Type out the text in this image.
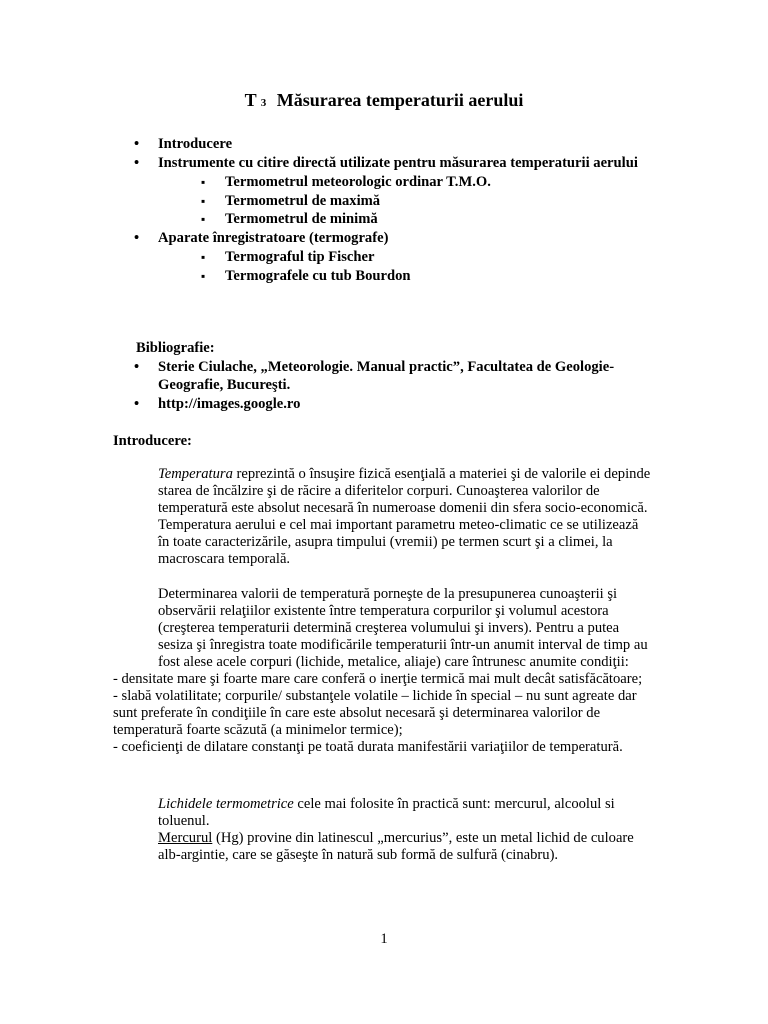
T 3 Măsurarea temperaturii aerului
• Introducere
• Instrumente cu citire directă utilizate pentru măsurarea temperaturii aerului
▪ Termometrul meteorologic ordinar T.M.O.
▪ Termometrul de maximă
▪ Termometrul de minimă
• Aparate înregistratoare (termografe)
▪ Termograful tip Fischer
▪ Termografele cu tub Bourdon
Bibliografie:
• Sterie Ciulache, „Meteorologie. Manual practic”, Facultatea de Geologie-
Geografie, Bucureşti.
• http://images.google.ro
Introducere:

Temperatura reprezintă o însuşire fizică esenţială a materiei şi de valorile ei depinde starea de încălzire şi de răcire a diferitelor corpuri. Cunoaşterea valorilor de temperatură este absolut necesară în numeroase domenii din sfera socio-economică. Temperatura aerului e cel mai important parametru meteo-climatic ce se utilizează în toate caracterizările, asupra timpului (vremii) pe termen scurt şi a climei, la macroscara temporală.

Determinarea valorii de temperatură porneşte de la presupunerea cunoaşterii şi observării relaţiilor existente între temperatura corpurilor şi volumul acestora (creşterea temperaturii determină creşterea volumului şi invers). Pentru a putea sesiza şi înregistra toate modificările temperaturii într-un anumit interval de timp au fost alese acele corpuri (lichide, metalice, aliaje) care întrunesc anumite condiţii:

- densitate mare şi foarte mare care conferă o inerţie termică mai mult decât satisfăcătoare;

- slabă volatilitate; corpurile/ substanţele volatile – lichide în special – nu sunt agreate dar sunt preferate în condiţiile în care este absolut necesară şi determinarea valorilor de temperatură foarte scăzută (a minimelor termice);

- coeficienţi de dilatare constanţi pe toată durata manifestării variaţiilor de temperatură.

Lichidele termometrice cele mai folosite în practică sunt: mercurul, alcoolul si toluenul.

Mercurul (Hg) provine din latinescul „mercurius”, este un metal lichid de culoare alb-argintie, care se găseşte în natură sub formă de sulfură (cinabru).

1
